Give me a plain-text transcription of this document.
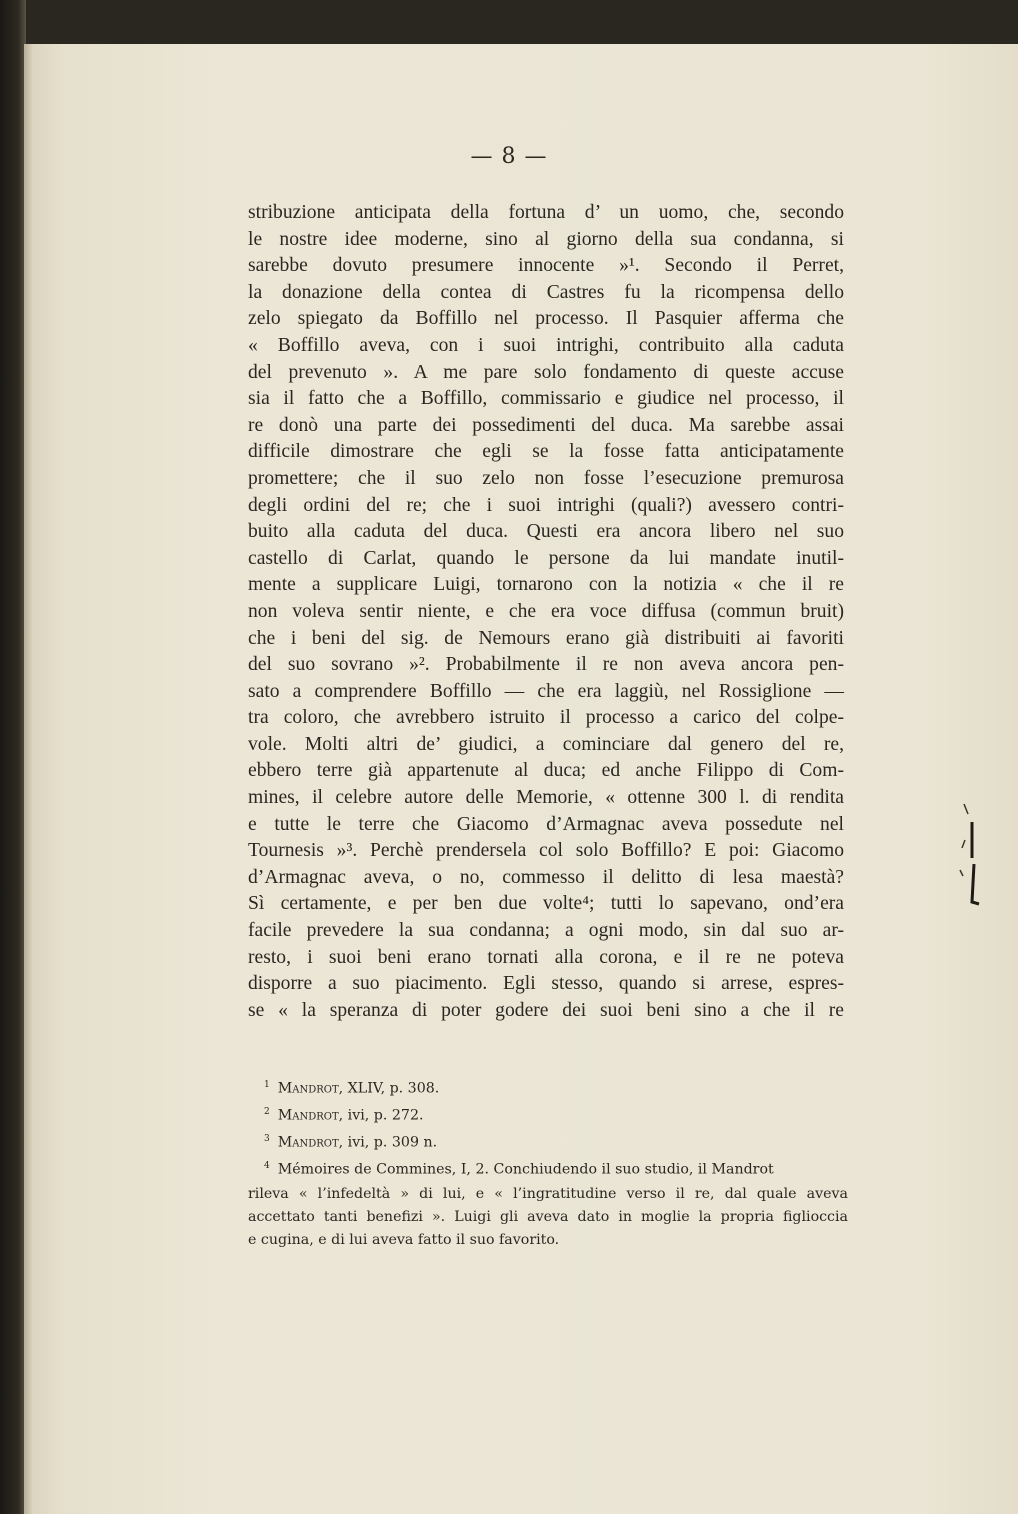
— 8 —
stribuzione anticipata della fortuna d’ un uomo, che, secondo
le nostre idee moderne, sino al giorno della sua condanna, si
sarebbe dovuto presumere innocente »¹. Secondo il Perret,
la donazione della contea di Castres fu la ricompensa dello
zelo spiegato da Boffillo nel processo. Il Pasquier afferma che
« Boffillo aveva, con i suoi intrighi, contribuito alla caduta
del prevenuto ». A me pare solo fondamento di queste accuse
sia il fatto che a Boffillo, commissario e giudice nel processo, il
re donò una parte dei possedimenti del duca. Ma sarebbe assai
difficile dimostrare che egli se la fosse fatta anticipatamente
promettere; che il suo zelo non fosse l’esecuzione premurosa
degli ordini del re; che i suoi intrighi (quali?) avessero contri-
buito alla caduta del duca. Questi era ancora libero nel suo
castello di Carlat, quando le persone da lui mandate inutil-
mente a supplicare Luigi, tornarono con la notizia « che il re
non voleva sentir niente, e che era voce diffusa (commun bruit)
che i beni del sig. de Nemours erano già distribuiti ai favoriti
del suo sovrano »². Probabilmente il re non aveva ancora pen-
sato a comprendere Boffillo — che era laggiù, nel Rossiglione —
tra coloro, che avrebbero istruito il processo a carico del colpe-
vole. Molti altri de’ giudici, a cominciare dal genero del re,
ebbero terre già appartenute al duca; ed anche Filippo di Com-
mines, il celebre autore delle Memorie, « ottenne 300 l. di rendita
e tutte le terre che Giacomo d’Armagnac aveva possedute nel
Tournesis »³. Perchè prendersela col solo Boffillo? E poi: Giacomo
d’Armagnac aveva, o no, commesso il delitto di lesa maestà?
Sì certamente, e per ben due volte⁴; tutti lo sapevano, ond’era
facile prevedere la sua condanna; a ogni modo, sin dal suo ar-
resto, i suoi beni erano tornati alla corona, e il re ne poteva
disporre a suo piacimento. Egli stesso, quando si arrese, espres-
se « la speranza di poter godere dei suoi beni sino a che il re
$^1$ Mandrot, XLIV, p. 308.
$^2$ Mandrot, ivi, p. 272.
$^3$ Mandrot, ivi, p. 309 n.
$^4$ Mémoires de Commines, I, 2. Conchiudendo il suo studio, il Mandrot
rileva « l’infedeltà » di lui, e « l’ingratitudine verso il re, dal quale aveva
accettato tanti benefizi ». Luigi gli aveva dato in moglie la propria figlioccia
e cugina, e di lui aveva fatto il suo favorito.
